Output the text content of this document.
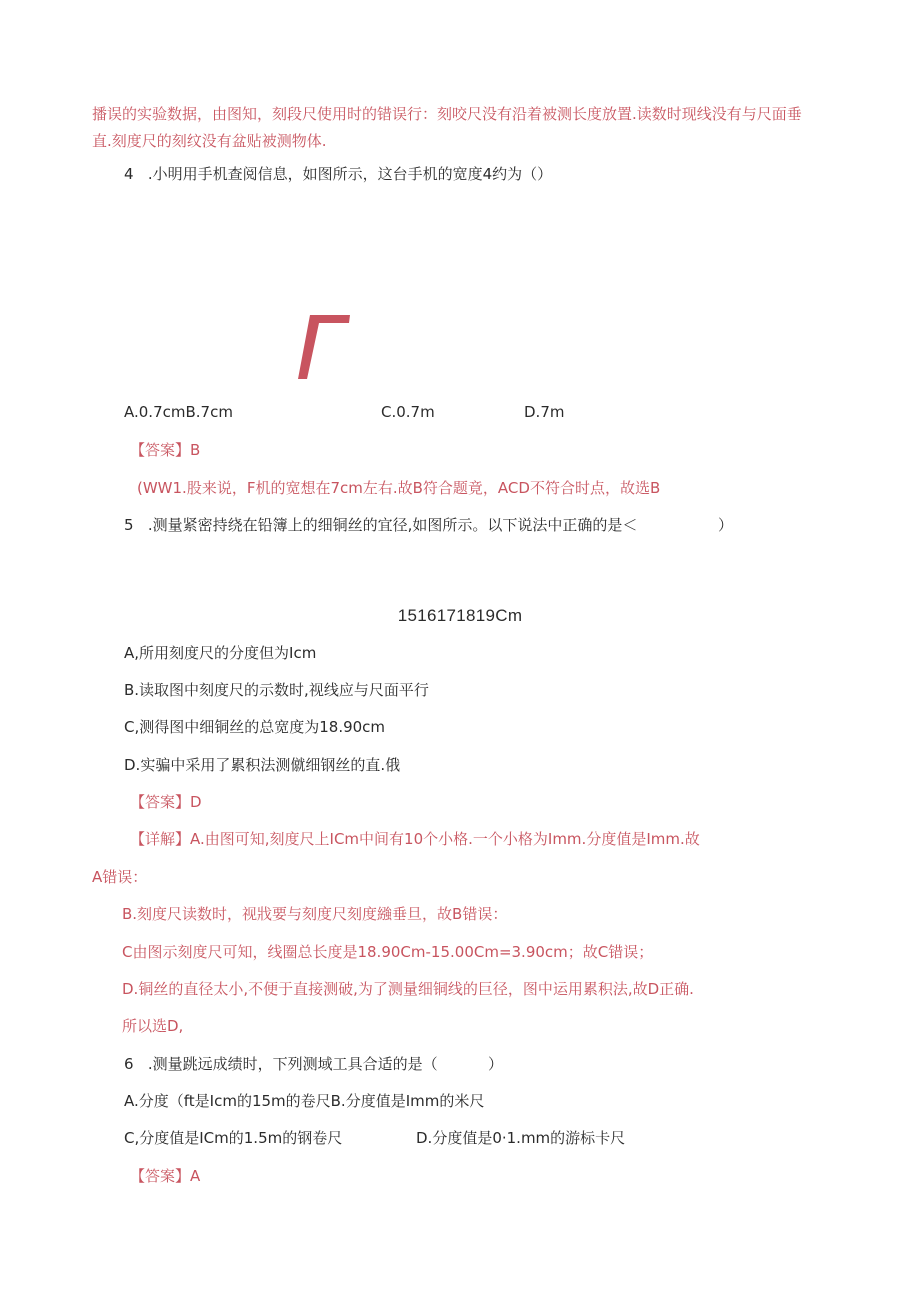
播误的实验数据，由图知，刻段尺使用时的错误行：刻咬尺没有沿着被测长度放置.读数时现线没有与尺面垂
直.刻度尺的刻纹没有盆贴被测物体.
4   .小明用手机查阅信息，如图所示，这台手机的宽度4约为（）
A.0.7cmB.7cm	C.0.7m	D.7m
【答案】B
(WW1.股来说，F机的宽想在7cm左右.故B符合题竟，ACD不符合时点，故选B
5   .测量紧密持绕在铅簿上的细铜丝的宜径,如图所示。以下说法中正确的是＜	）
1516171819Cm
A,所用刻度尺的分度但为Icm
B.读取图中刻度尺的示数时,视线应与尺面平行
C,测得图中细铜丝的总宽度为18.90cm
D.实骗中采用了累积法测僦细钢丝的直.俄
【答案】D
【详解】A.由图可知,刻度尺上ICm中间有10个小格.一个小格为Imm.分度值是Imm.故
A错误：
B.刻度尺读数时，视戕要与刻度尺刻度繈垂旦，故B错误：
C由图示刻度尺可知，线圈总长度是18.90Cm-15.00Cm=3.90cm；故C错误；
D.铜丝的直径太小,不便于直接测破,为了测量细铜线的巨径，图中运用累积法,故D正确.
所以选D,
6   .测量跳远成绩时，下列测域工具合适的是（	）
A.分度（ft是Icm的15m的卷尺B.分度值是Imm的米尺
C,分度值是ICm的1.5m的钢卷尺	D.分度值是0·1.mm的游标卡尺
【答案】A
